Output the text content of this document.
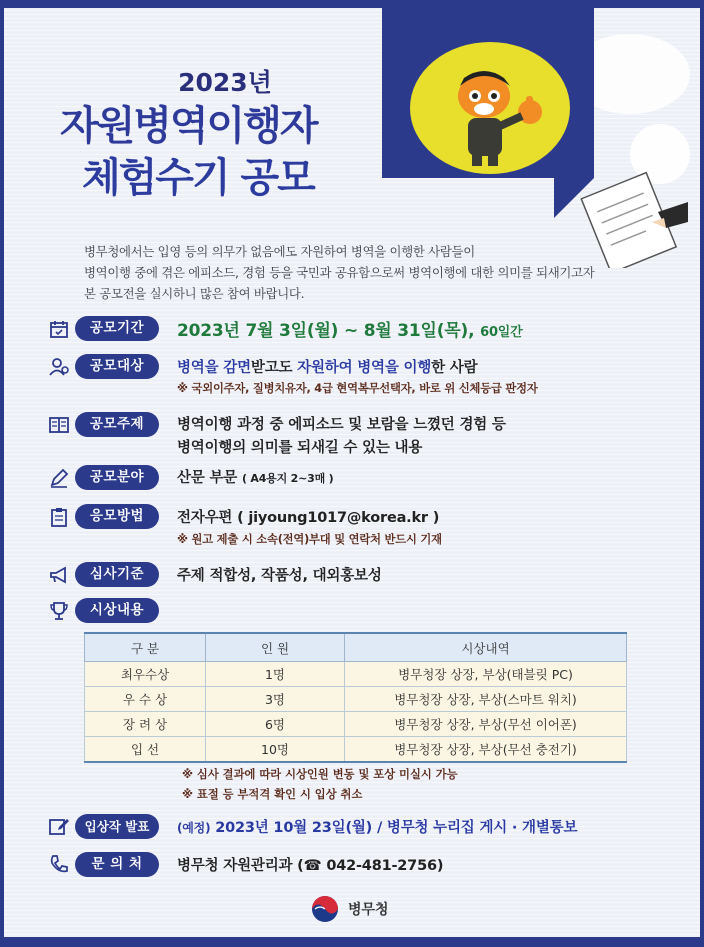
2023년
자원병역이행자
체험수기 공모
병무청에서는 입영 등의 의무가 없음에도 자원하여 병역을 이행한 사람들이
병역이행 중에 겪은 에피소드, 경험 등을 국민과 공유함으로써 병역이행에 대한 의미를 되새기고자
본 공모전을 실시하니 많은 참여 바랍니다.
공모기간	2023년 7월 3일(월) ~ 8월 31일(목), 60일간
공모대상	병역을 감면받고도 자원하여 병역을 이행한 사람
※ 국외이주자, 질병치유자, 4급 현역복무선택자, 바로 위 신체등급 판정자
공모주제	병역이행 과정 중 에피소드 및 보람을 느꼈던 경험 등
병역이행의 의미를 되새길 수 있는 내용
공모분야	산문 부문 ( A4용지 2~3매 )
응모방법	전자우편 ( jiyoung1017@korea.kr )
※ 원고 제출 시 소속(전역)부대 및 연락처 반드시 기재
심사기준	주제 적합성, 작품성, 대외홍보성
시상내용
구 분	인 원	시상내역
최우수상	1명	병무청장 상장, 부상(태블릿 PC)
우 수 상	3명	병무청장 상장, 부상(스마트 워치)
장 려 상	6명	병무청장 상장, 부상(무선 이어폰)
입 선	10명	병무청장 상장, 부상(무선 충전기)
※ 심사 결과에 따라 시상인원 변동 및 포상 미실시 가능
※ 표절 등 부적격 확인 시 입상 취소
입상작 발표	(예정) 2023년 10월 23일(월) / 병무청 누리집 게시 · 개별통보
문 의 처	병무청 자원관리과 (☎ 042-481-2756)
병무청
